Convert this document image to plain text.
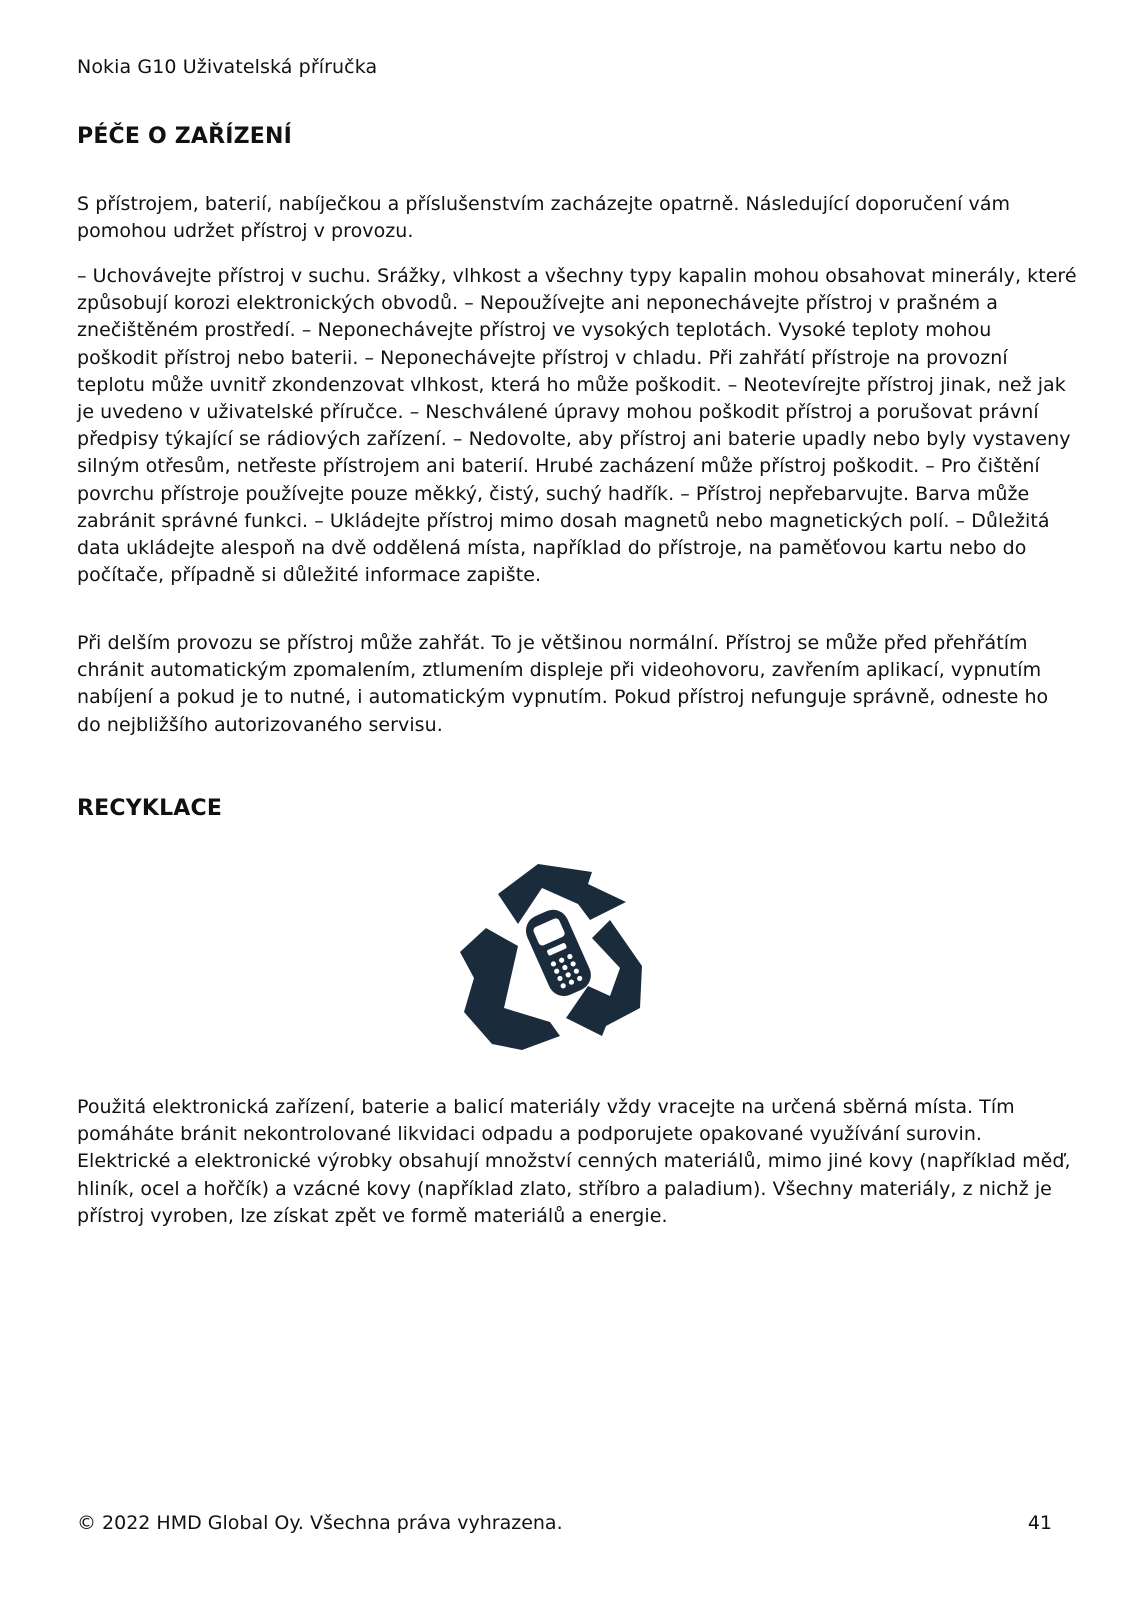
Nokia G10 Uživatelská příručka
PÉČE O ZAŘÍZENÍ
S přístrojem, baterií, nabíječkou a příslušenstvím zacházejte opatrně. Následující doporučení vám pomohou udržet přístroj v provozu.
– Uchovávejte přístroj v suchu. Srážky, vlhkost a všechny typy kapalin mohou obsahovat minerály, které způsobují korozi elektronických obvodů. – Nepoužívejte ani neponechávejte přístroj v prašném a znečištěném prostředí. – Neponechávejte přístroj ve vysokých teplotách. Vysoké teploty mohou poškodit přístroj nebo baterii. – Neponechávejte přístroj v chladu. Při zahřátí přístroje na provozní teplotu může uvnitř zkondenzovat vlhkost, která ho může poškodit. – Neotevírejte přístroj jinak, než jak je uvedeno v uživatelské příručce. – Neschválené úpravy mohou poškodit přístroj a porušovat právní předpisy týkající se rádiových zařízení. – Nedovolte, aby přístroj ani baterie upadly nebo byly vystaveny silným otřesům, netřeste přístrojem ani baterií. Hrubé zacházení může přístroj poškodit. – Pro čištění povrchu přístroje používejte pouze měkký, čistý, suchý hadřík. – Přístroj nepřebarvujte. Barva může zabránit správné funkci. – Ukládejte přístroj mimo dosah magnetů nebo magnetických polí. – Důležitá data ukládejte alespoň na dvě oddělená místa, například do přístroje, na paměťovou kartu nebo do počítače, případně si důležité informace zapište.
Při delším provozu se přístroj může zahřát. To je většinou normální. Přístroj se může před přehřátím chránit automatickým zpomalením, ztlumením displeje při videohovoru, zavřením aplikací, vypnutím nabíjení a pokud je to nutné, i automatickým vypnutím. Pokud přístroj nefunguje správně, odneste ho do nejbližšího autorizovaného servisu.
RECYKLACE
Použitá elektronická zařízení, baterie a balicí materiály vždy vracejte na určená sběrná místa. Tím pomáháte bránit nekontrolované likvidaci odpadu a podporujete opakované využívání surovin. Elektrické a elektronické výrobky obsahují množství cenných materiálů, mimo jiné kovy (například měď, hliník, ocel a hořčík) a vzácné kovy (například zlato, stříbro a paladium). Všechny materiály, z nichž je přístroj vyroben, lze získat zpět ve formě materiálů a energie.
© 2022 HMD Global Oy. Všechna práva vyhrazena.	41
